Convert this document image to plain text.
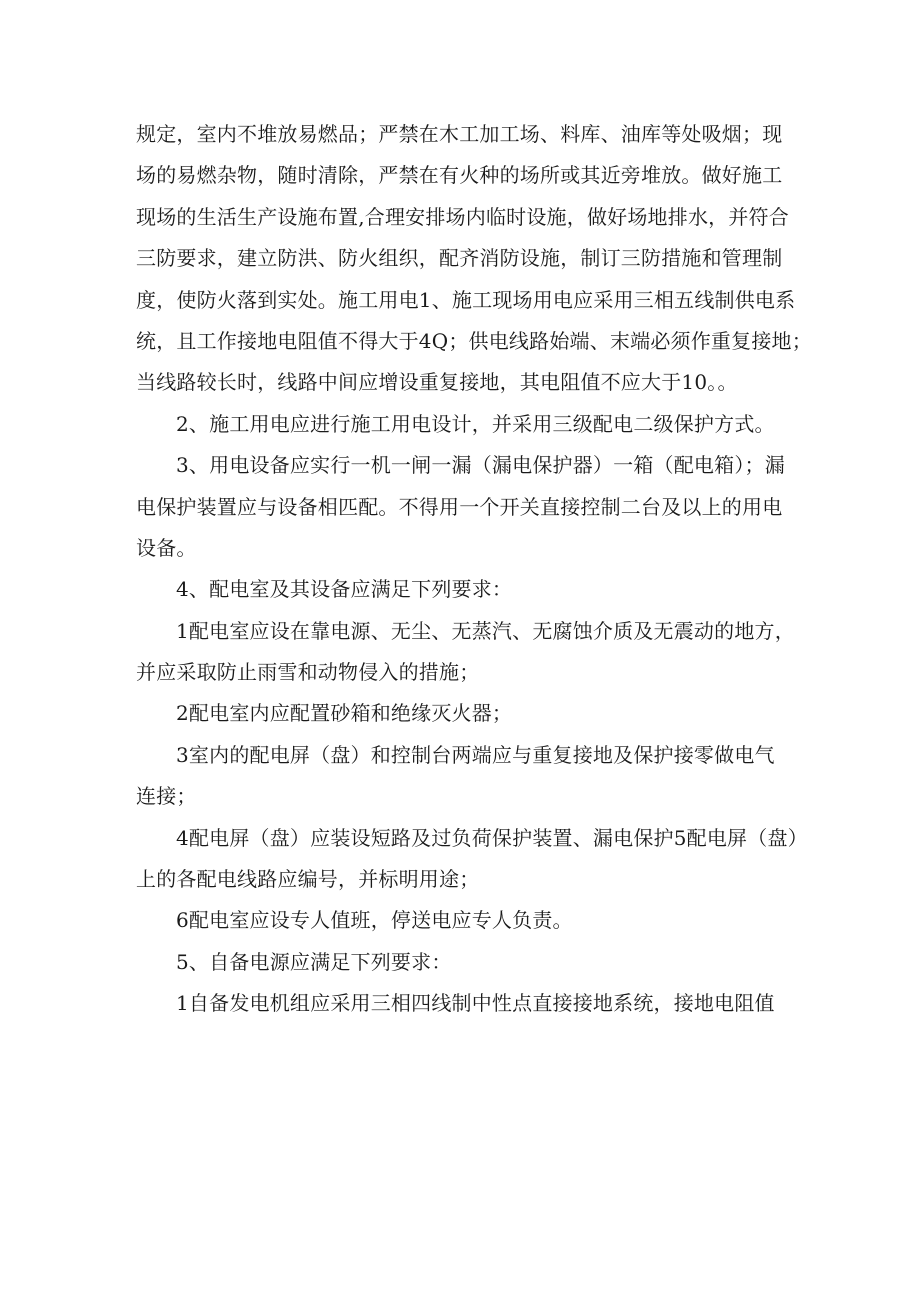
规定，室内不堆放易燃品；严禁在木工加工场、料库、油库等处吸烟；现
场的易燃杂物，随时清除，严禁在有火种的场所或其近旁堆放。做好施工
现场的生活生产设施布置,合理安排场内临时设施，做好场地排水，并符合
三防要求，建立防洪、防火组织，配齐消防设施，制订三防措施和管理制
度，使防火落到实处。施工用电1、施工现场用电应采用三相五线制供电系
统，且工作接地电阻值不得大于4Q；供电线路始端、末端必须作重复接地；
当线路较长时，线路中间应增设重复接地，其电阻值不应大于10。。
2、施工用电应进行施工用电设计，并采用三级配电二级保护方式。
3、用电设备应实行一机一闸一漏（漏电保护器）一箱（配电箱）；漏
电保护装置应与设备相匹配。不得用一个开关直接控制二台及以上的用电
设备。
4、配电室及其设备应满足下列要求：
1配电室应设在靠电源、无尘、无蒸汽、无腐蚀介质及无震动的地方，
并应采取防止雨雪和动物侵入的措施；
2配电室内应配置砂箱和绝缘灭火器；
3室内的配电屏（盘）和控制台两端应与重复接地及保护接零做电气
连接；
4配电屏（盘）应装设短路及过负荷保护装置、漏电保护5配电屏（盘）
上的各配电线路应编号，并标明用途；
6配电室应设专人值班，停送电应专人负责。
5、自备电源应满足下列要求：
1自备发电机组应采用三相四线制中性点直接接地系统，接地电阻值
